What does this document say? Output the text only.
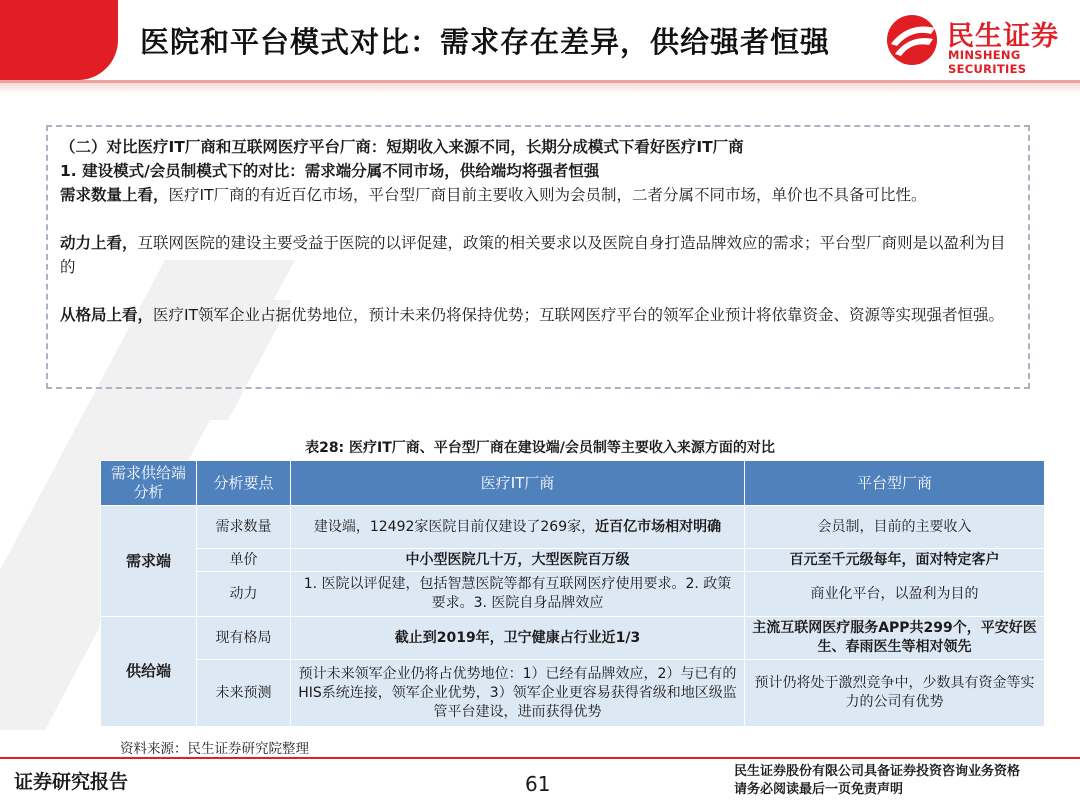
医院和平台模式对比：需求存在差异，供给强者恒强	民生证券
MINSHENG SECURITIES

（二）对比医疗IT厂商和互联网医疗平台厂商：短期收入来源不同，长期分成模式下看好医疗IT厂商

1. 建设模式/会员制模式下的对比：需求端分属不同市场，供给端均将强者恒强

需求数量上看，医疗IT厂商的有近百亿市场，平台型厂商目前主要收入则为会员制，二者分属不同市场，单价也不具备可比性。

动力上看，互联网医院的建设主要受益于医院的以评促建，政策的相关要求以及医院自身打造品牌效应的需求；平台型厂商则是以盈利为目的

从格局上看，医疗IT领军企业占据优势地位，预计未来仍将保持优势；互联网医疗平台的领军企业预计将依靠资金、资源等实现强者恒强。

表28: 医疗IT厂商、平台型厂商在建设端/会员制等主要收入来源方面的对比
需求供给端分析	分析要点	医疗IT厂商	平台型厂商
需求端	需求数量	建设端，12492家医院目前仅建设了269家，近百亿市场相对明确	会员制，目前的主要收入
	单价	中小型医院几十万，大型医院百万级	百元至千元级每年，面对特定客户
	动力	1. 医院以评促建，包括智慧医院等都有互联网医疗使用要求。2. 政策要求。3. 医院自身品牌效应	商业化平台，以盈利为目的
供给端	现有格局	截止到2019年，卫宁健康占行业近1/3	主流互联网医疗服务APP共299个，平安好医生、春雨医生等相对领先
	未来预测	预计未来领军企业仍将占优势地位：1）已经有品牌效应，2）与已有的HIS系统连接，领军企业优势，3）领军企业更容易获得省级和地区级监管平台建设，进而获得优势	预计仍将处于激烈竞争中，少数具有资金等实力的公司有优势
资料来源：民生证券研究院整理
证券研究报告	61
民生证券股份有限公司具备证券投资咨询业务资格
请务必阅读最后一页免责声明
